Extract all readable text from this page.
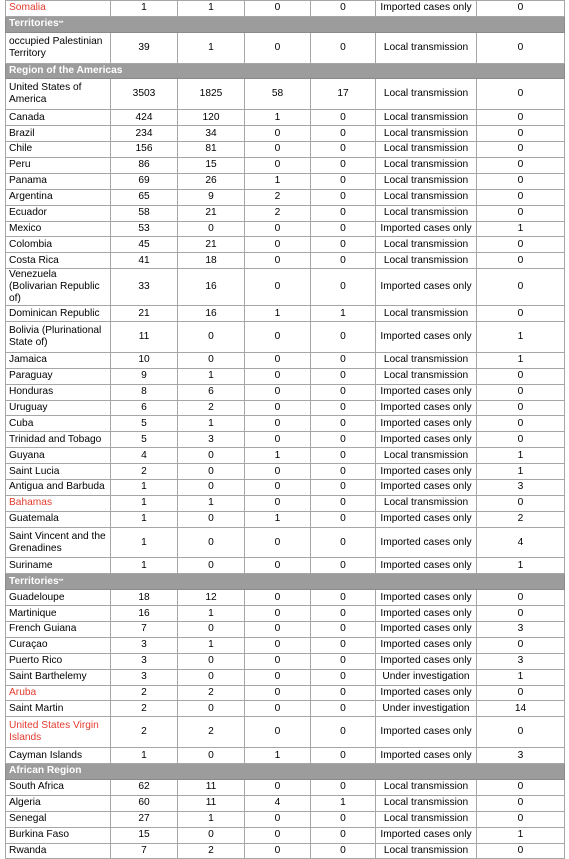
Somalia	1	1	0	0	Imported cases only	0
Territories**
occupied Palestinian Territory	39	1	0	0	Local transmission	0
Region of the Americas						
United States of America	3503	1825	58	17	Local transmission	0
Canada	424	120	1	0	Local transmission	0
Brazil	234	34	0	0	Local transmission	0
Chile	156	81	0	0	Local transmission	0
Peru	86	15	0	0	Local transmission	0
Panama	69	26	1	0	Local transmission	0
Argentina	65	9	2	0	Local transmission	0
Ecuador	58	21	2	0	Local transmission	0
Mexico	53	0	0	0	Imported cases only	1
Colombia	45	21	0	0	Local transmission	0
Costa Rica	41	18	0	0	Local transmission	0
Venezuela (Bolivarian Republic of)	33	16	0	0	Imported cases only	0
Dominican Republic	21	16	1	1	Local transmission	0
Bolivia (Plurinational State of)	11	0	0	0	Imported cases only	1
Jamaica	10	0	0	0	Local transmission	1
Paraguay	9	1	0	0	Local transmission	0
Honduras	8	6	0	0	Imported cases only	0
Uruguay	6	2	0	0	Imported cases only	0
Cuba	5	1	0	0	Imported cases only	0
Trinidad and Tobago	5	3	0	0	Imported cases only	0
Guyana	4	0	1	0	Local transmission	1
Saint Lucia	2	0	0	0	Imported cases only	1
Antigua and Barbuda	1	0	0	0	Imported cases only	3
Bahamas	1	1	0	0	Local transmission	0
Guatemala	1	0	1	0	Imported cases only	2
Saint Vincent and the Grenadines	1	0	0	0	Imported cases only	4
Suriname	1	0	0	0	Imported cases only	1
Territories**
Guadeloupe	18	12	0	0	Imported cases only	0
Martinique	16	1	0	0	Imported cases only	0
French Guiana	7	0	0	0	Imported cases only	3
Curaçao	3	1	0	0	Imported cases only	0
Puerto Rico	3	0	0	0	Imported cases only	3
Saint Barthelemy	3	0	0	0	Under investigation	1
Aruba	2	2	0	0	Imported cases only	0
Saint Martin	2	0	0	0	Under investigation	14
United States Virgin Islands	2	2	0	0	Imported cases only	0
Cayman Islands	1	0	1	0	Imported cases only	3
African Region						
South Africa	62	11	0	0	Local transmission	0
Algeria	60	11	4	1	Local transmission	0
Senegal	27	1	0	0	Local transmission	0
Burkina Faso	15	0	0	0	Imported cases only	1
Rwanda	7	2	0	0	Local transmission	0
